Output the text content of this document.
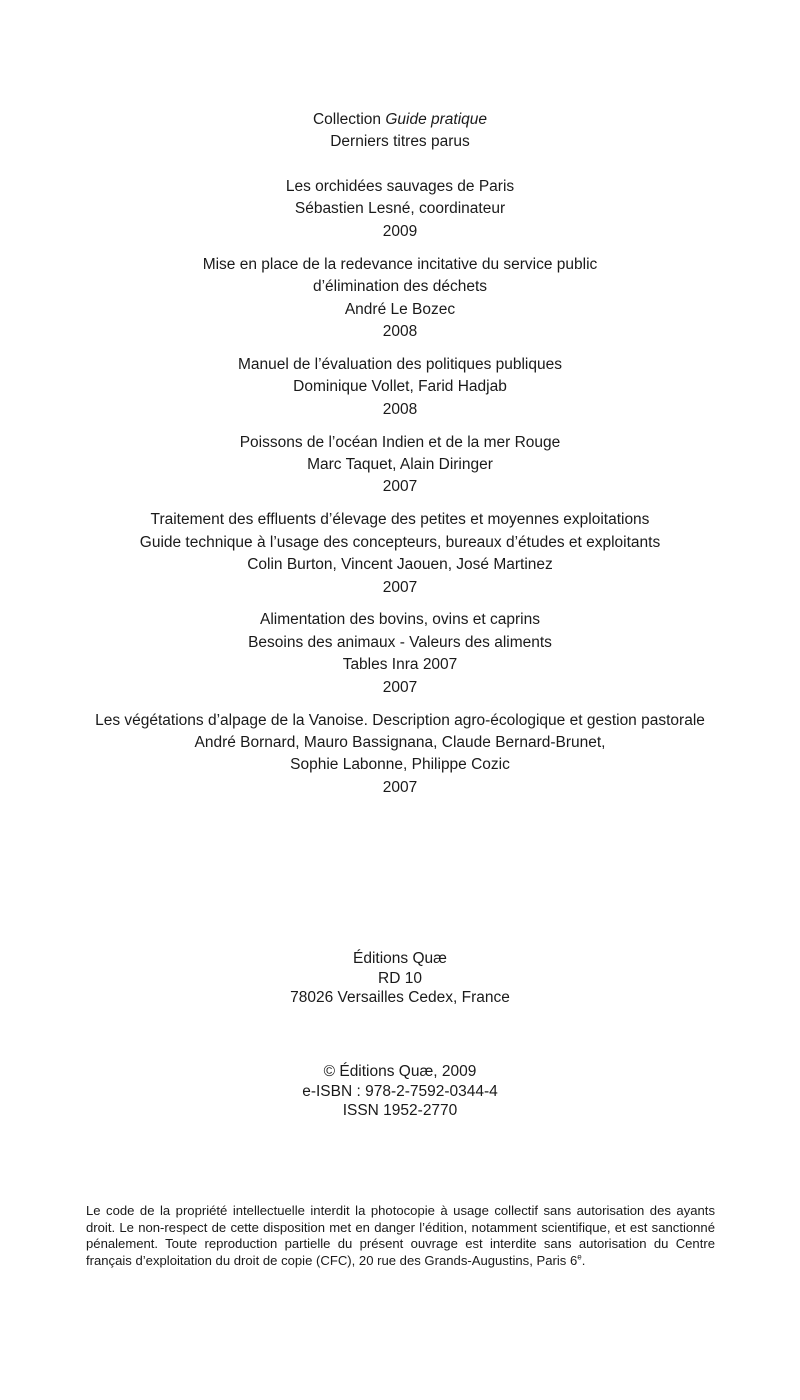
Collection Guide pratique
Derniers titres parus
Les orchidées sauvages de Paris
Sébastien Lesné, coordinateur
2009
Mise en place de la redevance incitative du service public
d’élimination des déchets
André Le Bozec
2008
Manuel de l’évaluation des politiques publiques
Dominique Vollet, Farid Hadjab
2008
Poissons de l’océan Indien et de la mer Rouge
Marc Taquet, Alain Diringer
2007
Traitement des effluents d’élevage des petites et moyennes exploitations
Guide technique à l’usage des concepteurs, bureaux d’études et exploitants
Colin Burton, Vincent Jaouen, José Martinez
2007
Alimentation des bovins, ovins et caprins
Besoins des animaux - Valeurs des aliments
Tables Inra 2007
2007
Les végétations d’alpage de la Vanoise. Description agro-écologique et gestion pastorale
André Bornard, Mauro Bassignana, Claude Bernard-Brunet,
Sophie Labonne, Philippe Cozic
2007
Éditions Quæ
RD 10
78026 Versailles Cedex, France
© Éditions Quæ, 2009
e-ISBN : 978-2-7592-0344-4
ISSN 1952-2770
Le code de la propriété intellectuelle interdit la photocopie à usage collectif sans autorisation des ayants droit. Le non-respect de cette disposition met en danger l’édition, notamment scientifique, et est sanctionné pénalement. Toute reproduction partielle du présent ouvrage est interdite sans autorisation du Centre français d’exploitation du droit de copie (CFC), 20 rue des Grands-Augustins, Paris 6e.
